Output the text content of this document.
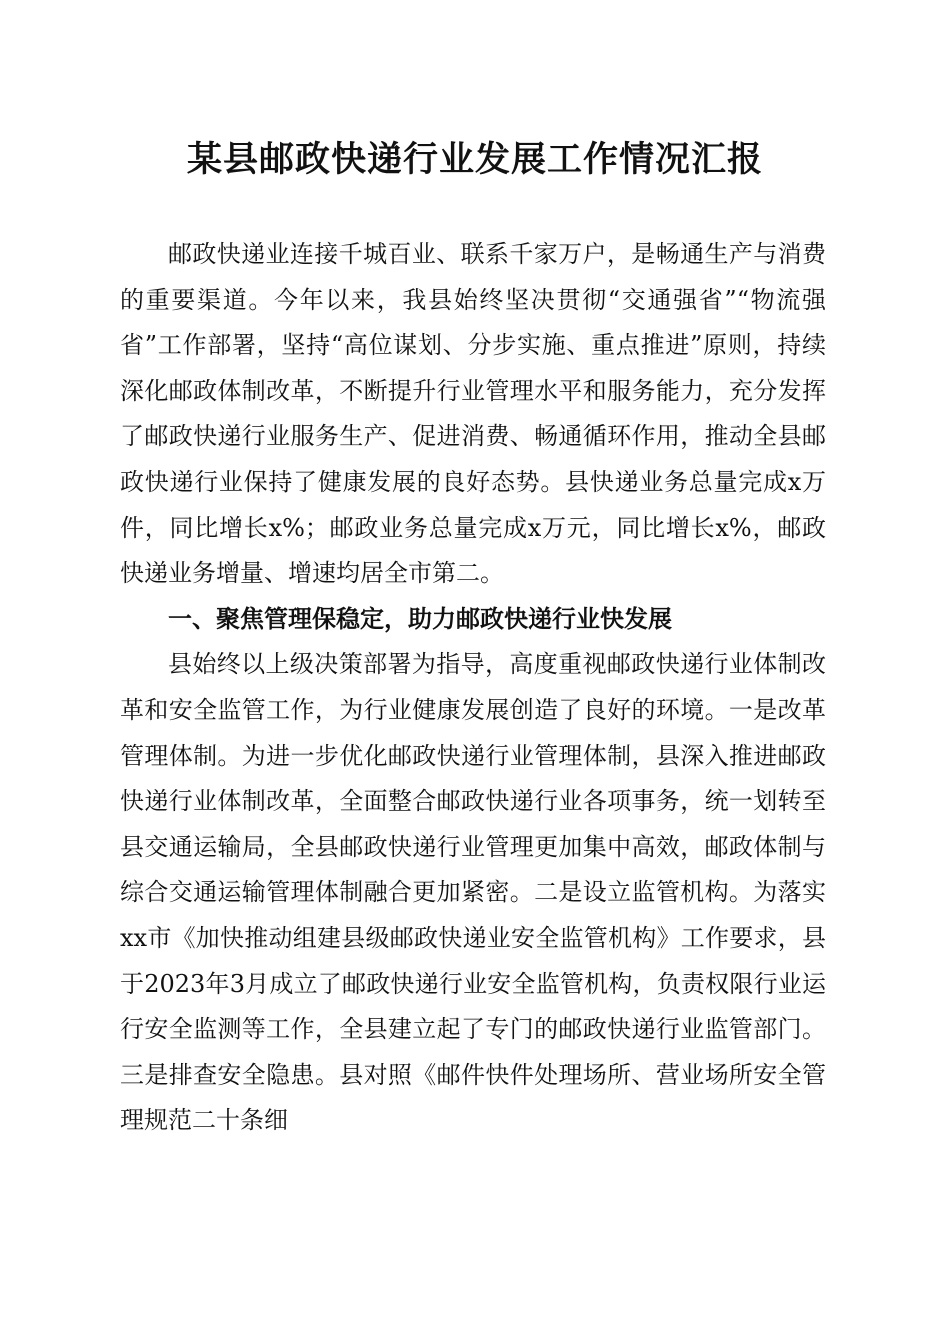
某县邮政快递行业发展工作情况汇报

邮政快递业连接千城百业、联系千家万户，是畅通生产与消费的重要渠道。今年以来，我县始终坚决贯彻“交通强省”“物流强省”工作部署，坚持“高位谋划、分步实施、重点推进”原则，持续深化邮政体制改革，不断提升行业管理水平和服务能力，充分发挥了邮政快递行业服务生产、促进消费、畅通循环作用，推动全县邮政快递行业保持了健康发展的良好态势。县快递业务总量完成x万件，同比增长x%；邮政业务总量完成x万元，同比增长x%，邮政快递业务增量、增速均居全市第二。

一、聚焦管理保稳定，助力邮政快递行业快发展

县始终以上级决策部署为指导，高度重视邮政快递行业体制改革和安全监管工作，为行业健康发展创造了良好的环境。一是改革管理体制。为进一步优化邮政快递行业管理体制，县深入推进邮政快递行业体制改革，全面整合邮政快递行业各项事务，统一划转至县交通运输局，全县邮政快递行业管理更加集中高效，邮政体制与综合交通运输管理体制融合更加紧密。二是设立监管机构。为落实xx市《加快推动组建县级邮政快递业安全监管机构》工作要求，县于2023年3月成立了邮政快递行业安全监管机构，负责权限行业运行安全监测等工作，全县建立起了专门的邮政快递行业监管部门。三是排查安全隐患。县对照《邮件快件处理场所、营业场所安全管理规范二十条细
